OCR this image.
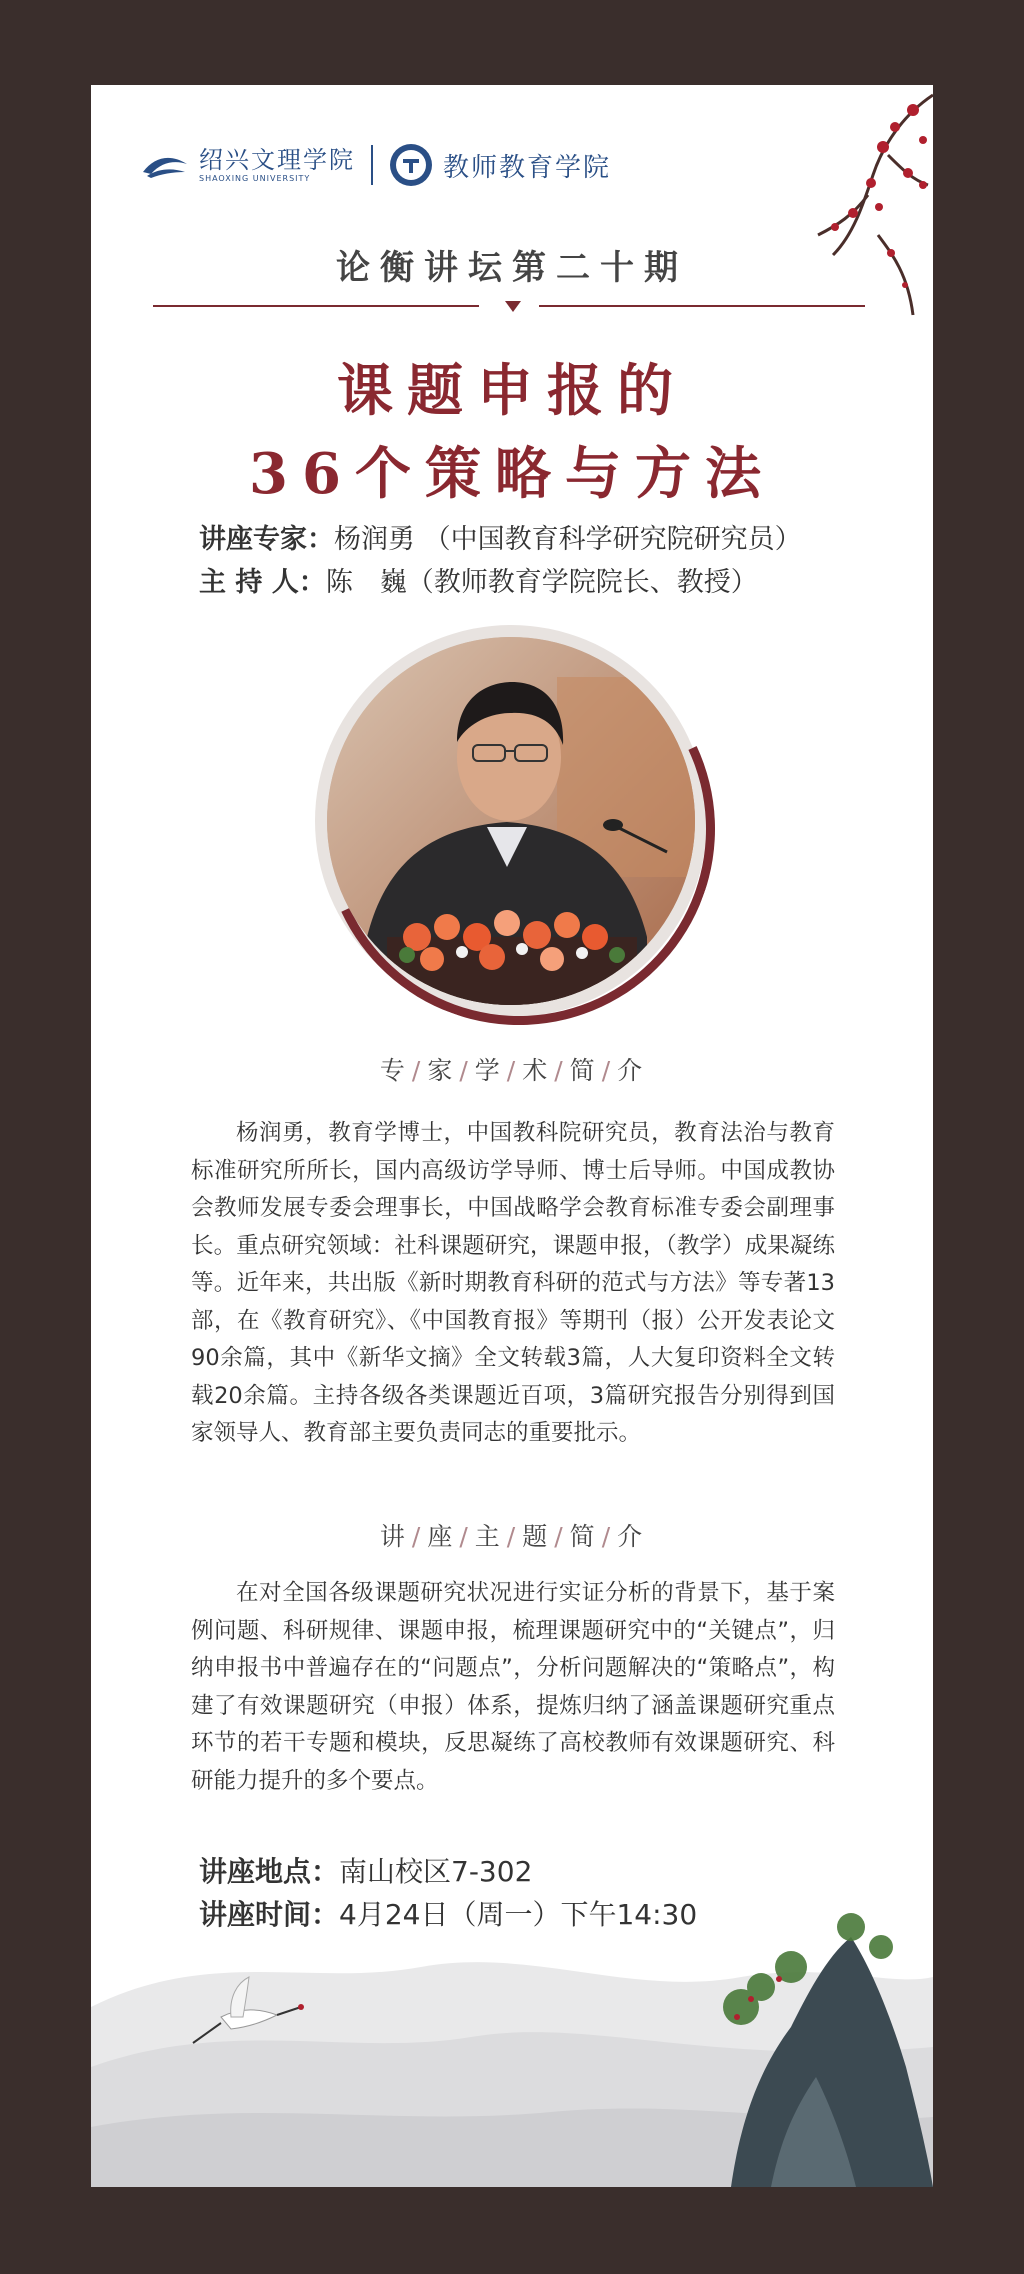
绍兴文理学院
SHAOXING UNIVERSITY	教师教育学院
论衡讲坛第二十期
课题申报的
36个策略与方法
讲座专家：杨润勇 （中国教育科学研究院研究员）
主 持 人：陈　巍（教师教育学院院长、教授）
专 / 家 / 学 / 术 / 简 / 介
杨润勇，教育学博士，中国教科院研究员，教育法治与教育标准研究所所长，国内高级访学导师、博士后导师。中国成教协会教师发展专委会理事长，中国战略学会教育标准专委会副理事长。重点研究领域：社科课题研究，课题申报，（教学）成果凝练等。近年来，共出版《新时期教育科研的范式与方法》等专著13部，在《教育研究》、《中国教育报》等期刊（报）公开发表论文90余篇，其中《新华文摘》全文转载3篇，人大复印资料全文转载20余篇。主持各级各类课题近百项，3篇研究报告分别得到国家领导人、教育部主要负责同志的重要批示。
讲 / 座 / 主 / 题 / 简 / 介
在对全国各级课题研究状况进行实证分析的背景下，基于案例问题、科研规律、课题申报，梳理课题研究中的“关键点”，归纳申报书中普遍存在的“问题点”，分析问题解决的“策略点”，构建了有效课题研究（申报）体系，提炼归纳了涵盖课题研究重点环节的若干专题和模块，反思凝练了高校教师有效课题研究、科研能力提升的多个要点。
讲座地点：南山校区7-302
讲座时间：4月24日（周一）下午14:30
